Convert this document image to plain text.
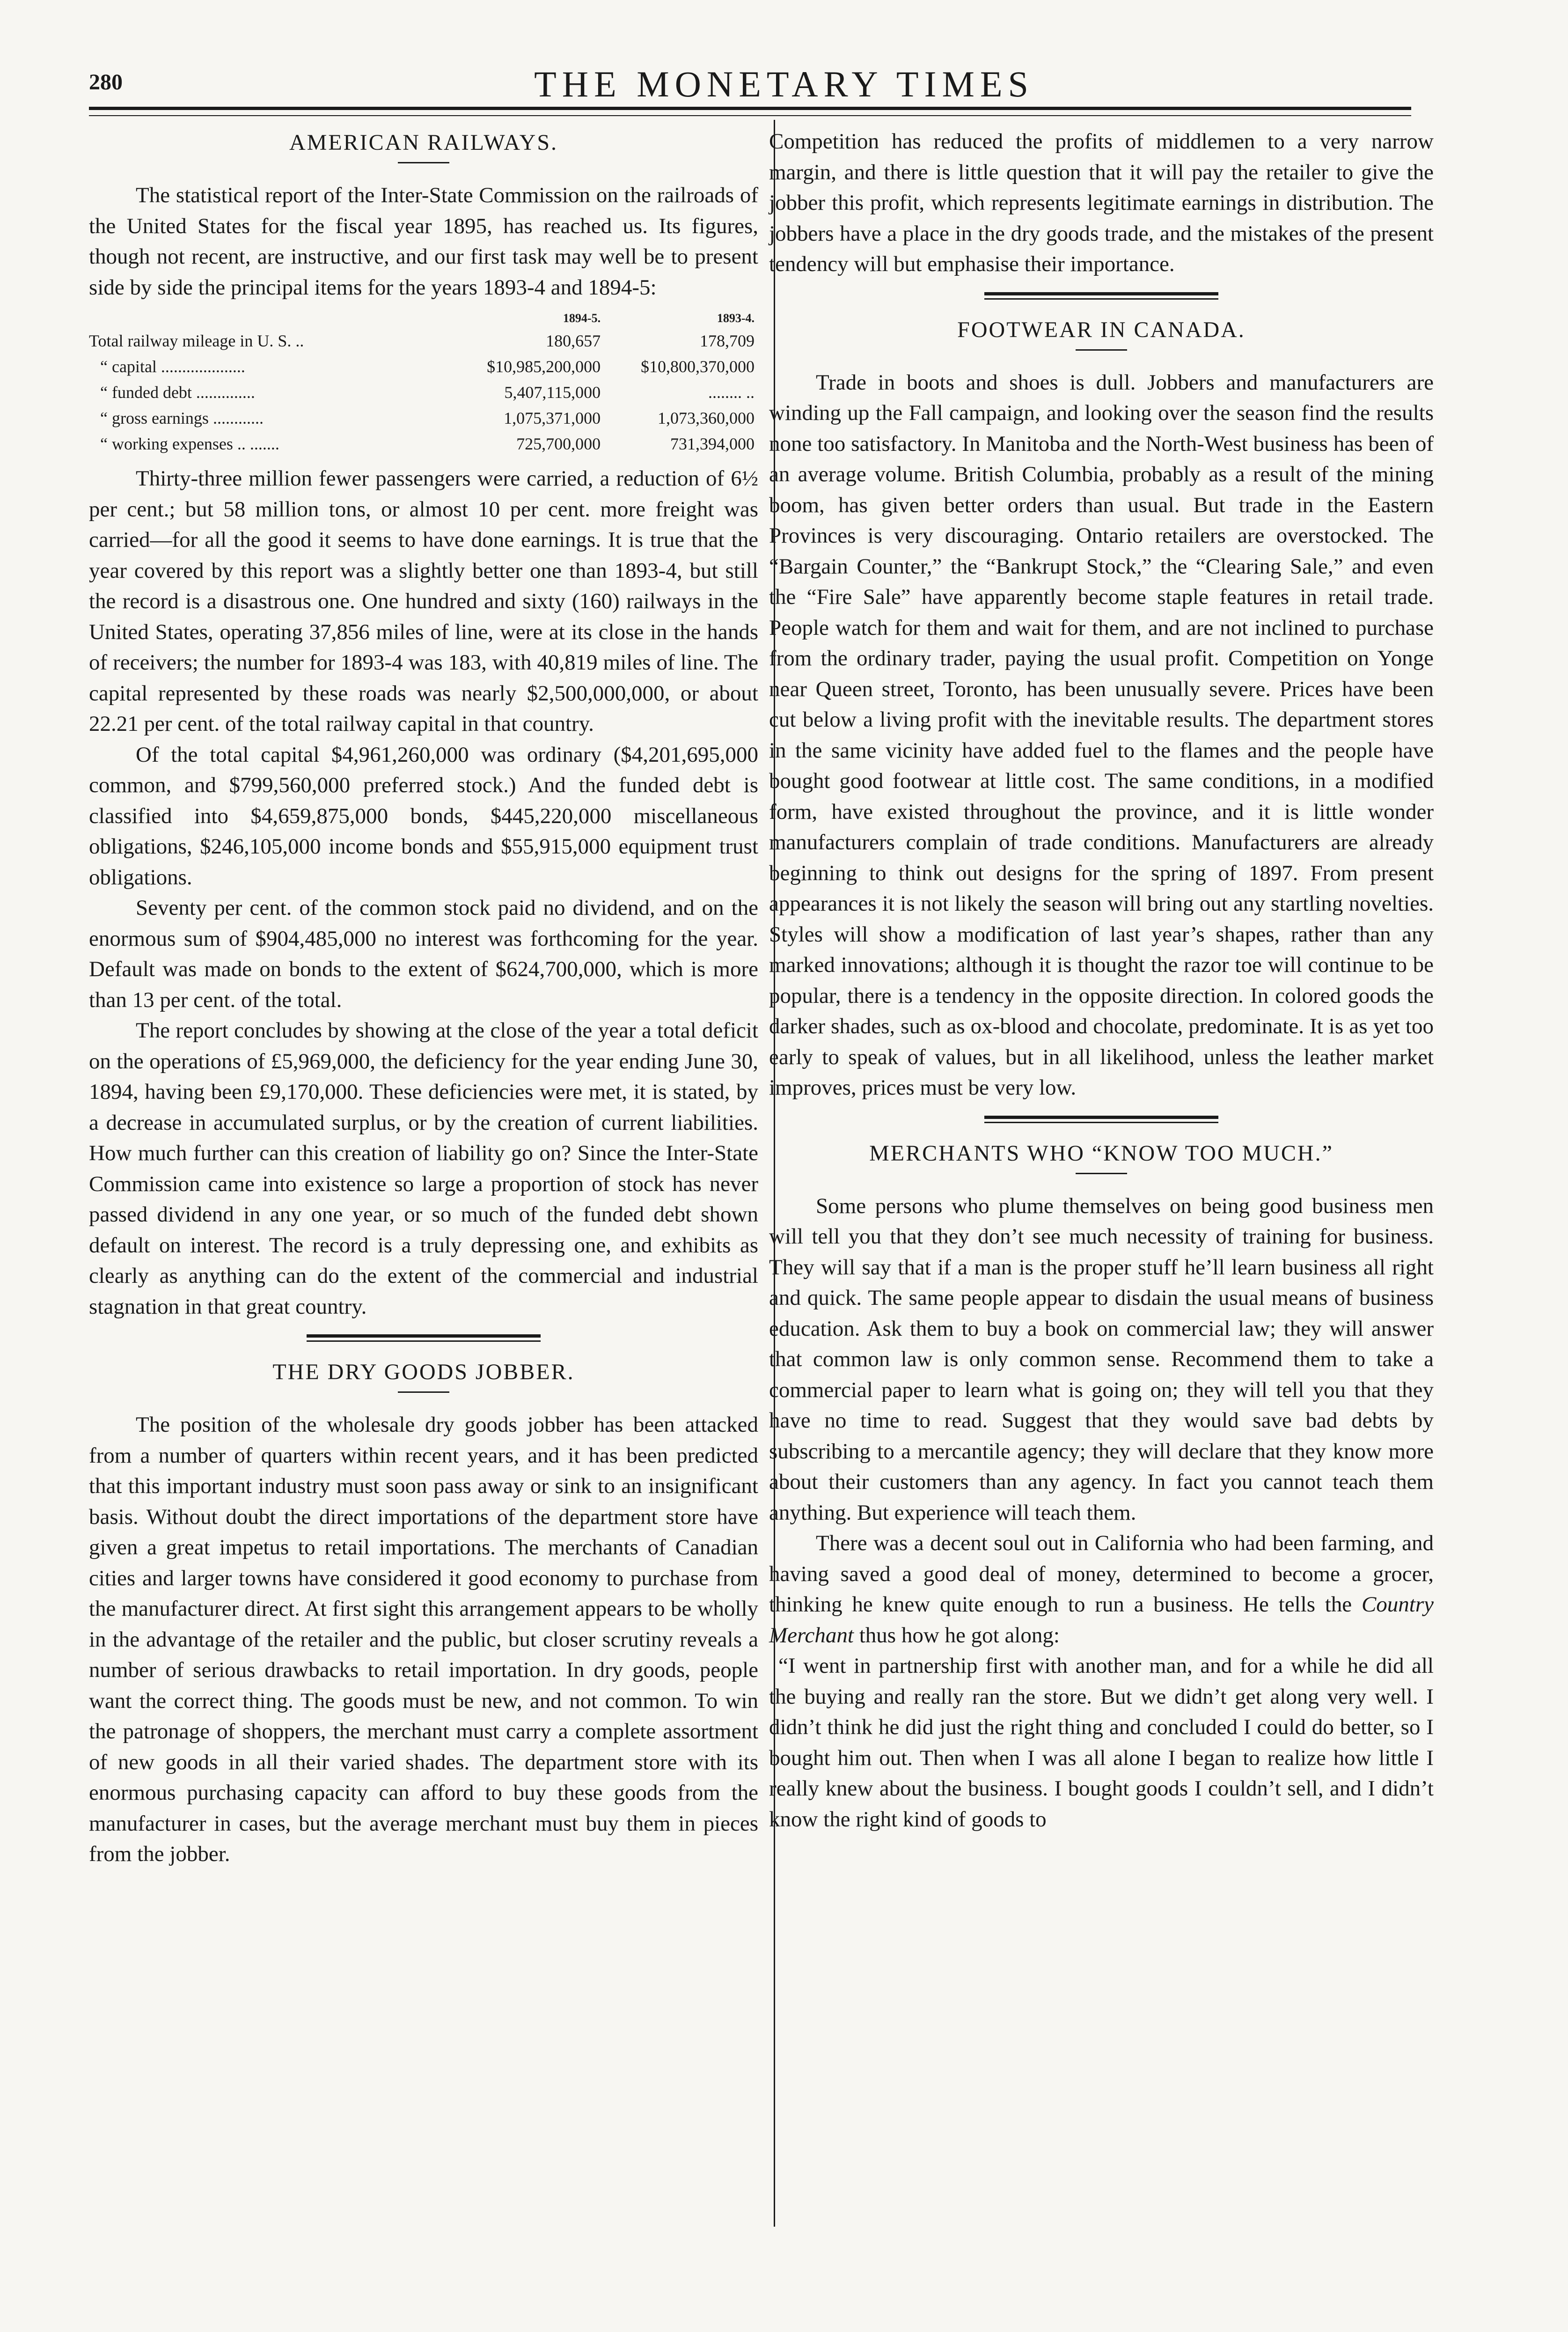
280	THE MONETARY TIMES
AMERICAN RAILWAYS.

The statistical report of the Inter-State Commission on the railroads of the United States for the fiscal year 1895, has reached us. Its figures, though not recent, are instructive, and our first task may well be to present side by side the principal items for the years 1893-4 and 1894-5:

	1894-5.	1893-4.
Total railway mileage in U. S. ..	180,657	178,709
“ capital ....................	$10,985,200,000	$10,800,370,000
“ funded debt ..............	5,407,115,000	........ ..
“ gross earnings ............	1,075,371,000	1,073,360,000
“ working expenses .. .......	725,700,000	731,394,000

Thirty-three million fewer passengers were carried, a reduction of 6½ per cent.; but 58 million tons, or almost 10 per cent. more freight was carried—for all the good it seems to have done earnings. It is true that the year covered by this report was a slightly better one than 1893-4, but still the record is a disastrous one. One hundred and sixty (160) railways in the United States, operating 37,856 miles of line, were at its close in the hands of receivers; the number for 1893-4 was 183, with 40,819 miles of line. The capital represented by these roads was nearly $2,500,000,000, or about 22.21 per cent. of the total railway capital in that country.

Of the total capital $4,961,260,000 was ordinary ($4,201,695,000 common, and $799,560,000 preferred stock.) And the funded debt is classified into $4,659,875,000 bonds, $445,220,000 miscellaneous obligations, $246,105,000 income bonds and $55,915,000 equipment trust obligations.

Seventy per cent. of the common stock paid no dividend, and on the enormous sum of $904,485,000 no interest was forthcoming for the year. Default was made on bonds to the extent of $624,700,000, which is more than 13 per cent. of the total.

The report concludes by showing at the close of the year a total deficit on the operations of £5,969,000, the deficiency for the year ending June 30, 1894, having been £9,170,000. These deficiencies were met, it is stated, by a decrease in accumulated surplus, or by the creation of current liabilities. How much further can this creation of liability go on? Since the Inter-State Commission came into existence so large a proportion of stock has never passed dividend in any one year, or so much of the funded debt shown default on interest. The record is a truly depressing one, and exhibits as clearly as anything can do the extent of the commercial and industrial stagnation in that great country.

THE DRY GOODS JOBBER.

The position of the wholesale dry goods jobber has been attacked from a number of quarters within recent years, and it has been predicted that this important industry must soon pass away or sink to an insignificant basis. Without doubt the direct importations of the department store have given a great impetus to retail importations. The merchants of Canadian cities and larger towns have considered it good economy to purchase from the manufacturer direct. At first sight this arrangement appears to be wholly in the advantage of the retailer and the public, but closer scrutiny reveals a number of serious drawbacks to retail importation. In dry goods, people want the correct thing. The goods must be new, and not common. To win the patronage of shoppers, the merchant must carry a complete assortment of new goods in all their varied shades. The department store with its enormous purchasing capacity can afford to buy these goods from the manufacturer in cases, but the average merchant must buy them in pieces from the jobber.

Competition has reduced the profits of middlemen to a very narrow margin, and there is little question that it will pay the retailer to give the jobber this profit, which represents legitimate earnings in distribution. The jobbers have a place in the dry goods trade, and the mistakes of the present tendency will but emphasise their importance.

FOOTWEAR IN CANADA.

Trade in boots and shoes is dull. Jobbers and manufacturers are winding up the Fall campaign, and looking over the season find the results none too satisfactory. In Manitoba and the North-West business has been of an average volume. British Columbia, probably as a result of the mining boom, has given better orders than usual. But trade in the Eastern Provinces is very discouraging. Ontario retailers are overstocked. The “Bargain Counter,” the “Bankrupt Stock,” the “Clearing Sale,” and even the “Fire Sale” have apparently become staple features in retail trade. People watch for them and wait for them, and are not inclined to purchase from the ordinary trader, paying the usual profit. Competition on Yonge near Queen street, Toronto, has been unusually severe. Prices have been cut below a living profit with the inevitable results. The department stores in the same vicinity have added fuel to the flames and the people have bought good footwear at little cost. The same conditions, in a modified form, have existed throughout the province, and it is little wonder manufacturers complain of trade conditions. Manufacturers are already beginning to think out designs for the spring of 1897. From present appearances it is not likely the season will bring out any startling novelties. Styles will show a modification of last year’s shapes, rather than any marked innovations; although it is thought the razor toe will continue to be popular, there is a tendency in the opposite direction. In colored goods the darker shades, such as ox-blood and chocolate, predominate. It is as yet too early to speak of values, but in all likelihood, unless the leather market improves, prices must be very low.

MERCHANTS WHO “KNOW TOO MUCH.”

Some persons who plume themselves on being good business men will tell you that they don’t see much necessity of training for business. They will say that if a man is the proper stuff he’ll learn business all right and quick. The same people appear to disdain the usual means of business education. Ask them to buy a book on commercial law; they will answer that common law is only common sense. Recommend them to take a commercial paper to learn what is going on; they will tell you that they have no time to read. Suggest that they would save bad debts by subscribing to a mercantile agency; they will declare that they know more about their customers than any agency. In fact you cannot teach them anything. But experience will teach them.

There was a decent soul out in California who had been farming, and having saved a good deal of money, determined to become a grocer, thinking he knew quite enough to run a business. He tells the Country Merchant thus how he got along:

“I went in partnership first with another man, and for a while he did all the buying and really ran the store. But we didn’t get along very well. I didn’t think he did just the right thing and concluded I could do better, so I bought him out. Then when I was all alone I began to realize how little I really knew about the business. I bought goods I couldn’t sell, and I didn’t know the right kind of goods to
